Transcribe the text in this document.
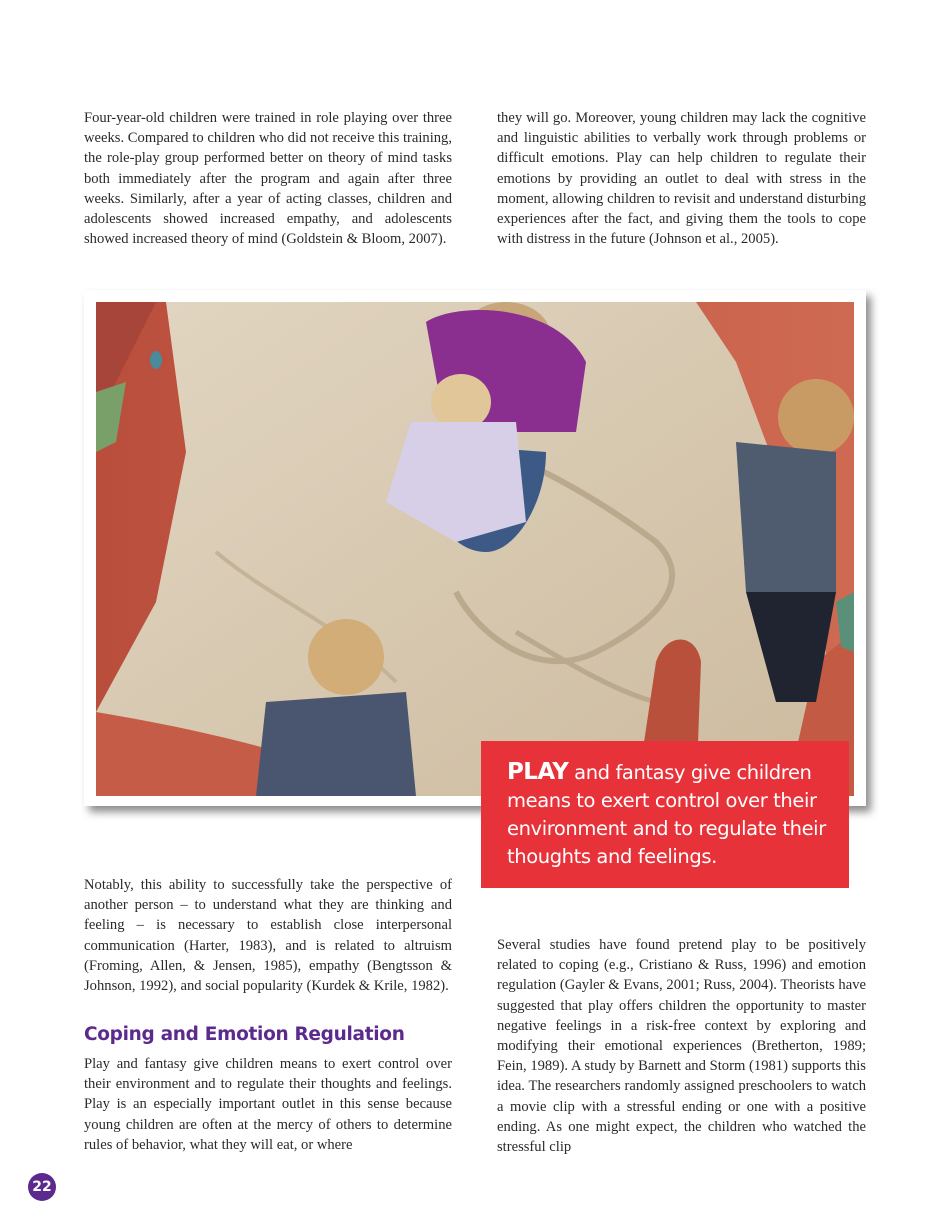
Four-year-old children were trained in role playing over three weeks. Compared to children who did not receive this training, the role-play group performed better on theory of mind tasks both immediately after the program and again after three weeks. Similarly, after a year of acting classes, children and adolescents showed increased empathy, and adolescents showed increased theory of mind (Goldstein & Bloom, 2007).

they will go. Moreover, young children may lack the cognitive and linguistic abilities to verbally work through problems or difficult emotions. Play can help children to regulate their emotions by providing an outlet to deal with stress in the moment, allowing children to revisit and understand disturbing experiences after the fact, and giving them the tools to cope with distress in the future (Johnson et al., 2005).

PLAY and fantasy give children means to exert control over their environment and to regulate their thoughts and feelings.

Notably, this ability to successfully take the perspective of another person – to understand what they are thinking and feeling – is necessary to establish close interpersonal communication (Harter, 1983), and is related to altruism (Froming, Allen, & Jensen, 1985), empathy (Bengtsson & Johnson, 1992), and social popularity (Kurdek & Krile, 1982).

Coping and Emotion Regulation

Play and fantasy give children means to exert control over their environment and to regulate their thoughts and feelings. Play is an especially important outlet in this sense because young children are often at the mercy of others to determine rules of behavior, what they will eat, or where

Several studies have found pretend play to be positively related to coping (e.g., Cristiano & Russ, 1996) and emotion regulation (Gayler & Evans, 2001; Russ, 2004). Theorists have suggested that play offers children the opportunity to master negative feelings in a risk-free context by exploring and modifying their emotional experiences (Bretherton, 1989; Fein, 1989). A study by Barnett and Storm (1981) supports this idea. The researchers randomly assigned preschoolers to watch a movie clip with a stressful ending or one with a positive ending. As one might expect, the children who watched the stressful clip

22
